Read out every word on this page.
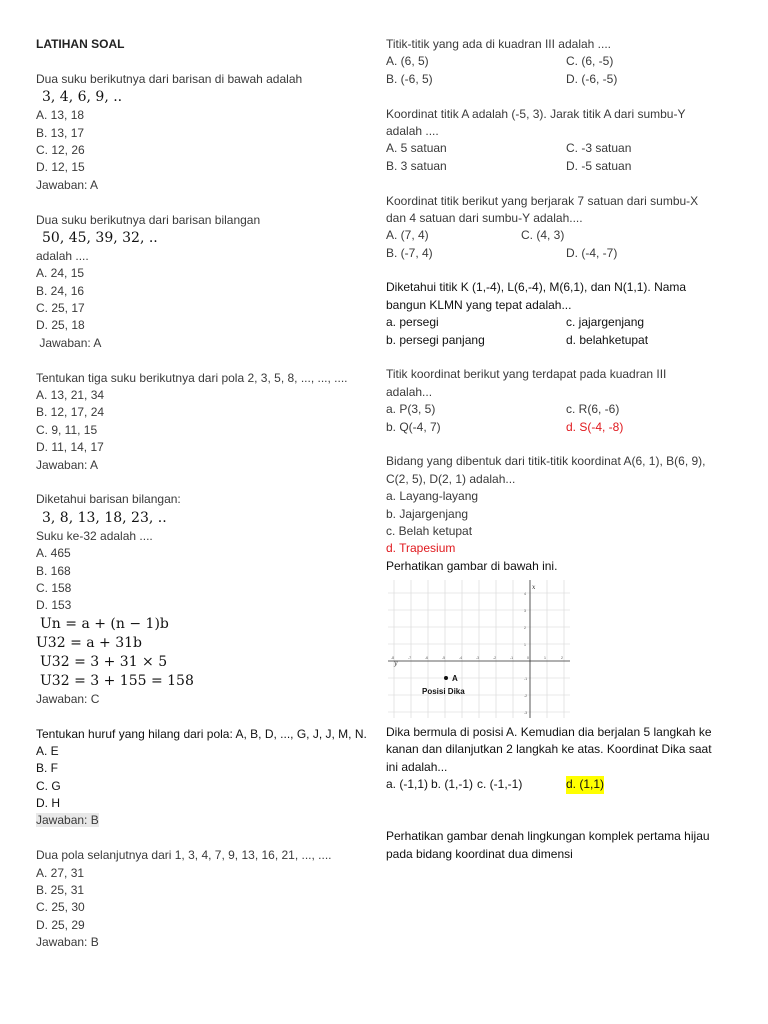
LATIHAN SOAL
Dua suku berikutnya dari barisan di bawah adalah
3, 4, 6, 9, ..
A. 13, 18
B. 13, 17
C. 12, 26
D. 12, 15
Jawaban: A
Dua suku berikutnya dari barisan bilangan
50, 45, 39, 32, ..
adalah ....
A. 24, 15
B. 24, 16
C. 25, 17
D. 25, 18
Jawaban: A
Tentukan tiga suku berikutnya dari pola 2, 3, 5, 8, ..., ..., ....
A. 13, 21, 34
B. 12, 17, 24
C. 9, 11, 15
D. 11, 14, 17
Jawaban: A
Diketahui barisan bilangan:
3, 8, 13, 18, 23, ..
Suku ke-32 adalah ....
A. 465
B. 168
C. 158
D. 153
Un = a + (n − 1)b
U32 = a + 31b
U32 = 3 + 31 × 5
U32 = 3 + 155 = 158
Jawaban: C
Tentukan huruf yang hilang dari pola: A, B, D, ..., G, J, J, M, N.
A. E
B. F
C. G
D. H
Jawaban: B
Dua pola selanjutnya dari 1, 3, 4, 7, 9, 13, 16, 21, ..., ....
A. 27, 31
B. 25, 31
C. 25, 30
D. 25, 29
Jawaban: B
Titik-titik yang ada di kuadran III adalah ....
A. (6, 5)	C. (6, -5)
B. (-6, 5)	D. (-6, -5)
Koordinat titik A adalah (-5, 3). Jarak titik A dari sumbu-Y
adalah ....
A. 5 satuan	C. -3 satuan
B. 3 satuan	D. -5 satuan
Koordinat titik berikut yang berjarak 7 satuan dari sumbu-X
dan 4 satuan dari sumbu-Y adalah....
A. (7, 4)	C. (4, 3)
B. (-7, 4)	D. (-4, -7)
Diketahui titik K (1,-4), L(6,-4), M(6,1), dan N(1,1). Nama
bangun KLMN yang tepat adalah...
a. persegi	c. jajargenjang
b. persegi panjang	d. belahketupat
Titik koordinat berikut yang terdapat pada kuadran III
adalah...
a. P(3, 5)	c. R(6, -6)
b. Q(-4, 7)	d. S(-4, -8)
Bidang yang dibentuk dari titik-titik koordinat A(6, 1), B(6, 9),
C(2, 5), D(2, 1) adalah...
a. Layang-layang
b. Jajargenjang
c. Belah ketupat
d. Trapesium
Perhatikan gambar di bawah ini.
-8	-7	-6	-5	-4	-3	-2	-1	0	1	2
4
3
2
1
-1
-2
-3
y
x
A
Posisi Dika
Dika bermula di posisi A. Kemudian dia berjalan 5 langkah ke
kanan dan dilanjutkan 2 langkah ke atas. Koordinat Dika saat
ini adalah...
a. (-1,1) b. (1,-1) c. (-1,-1)	d. (1,1)
Perhatikan gambar denah lingkungan komplek pertama hijau
pada bidang koordinat dua dimensi
